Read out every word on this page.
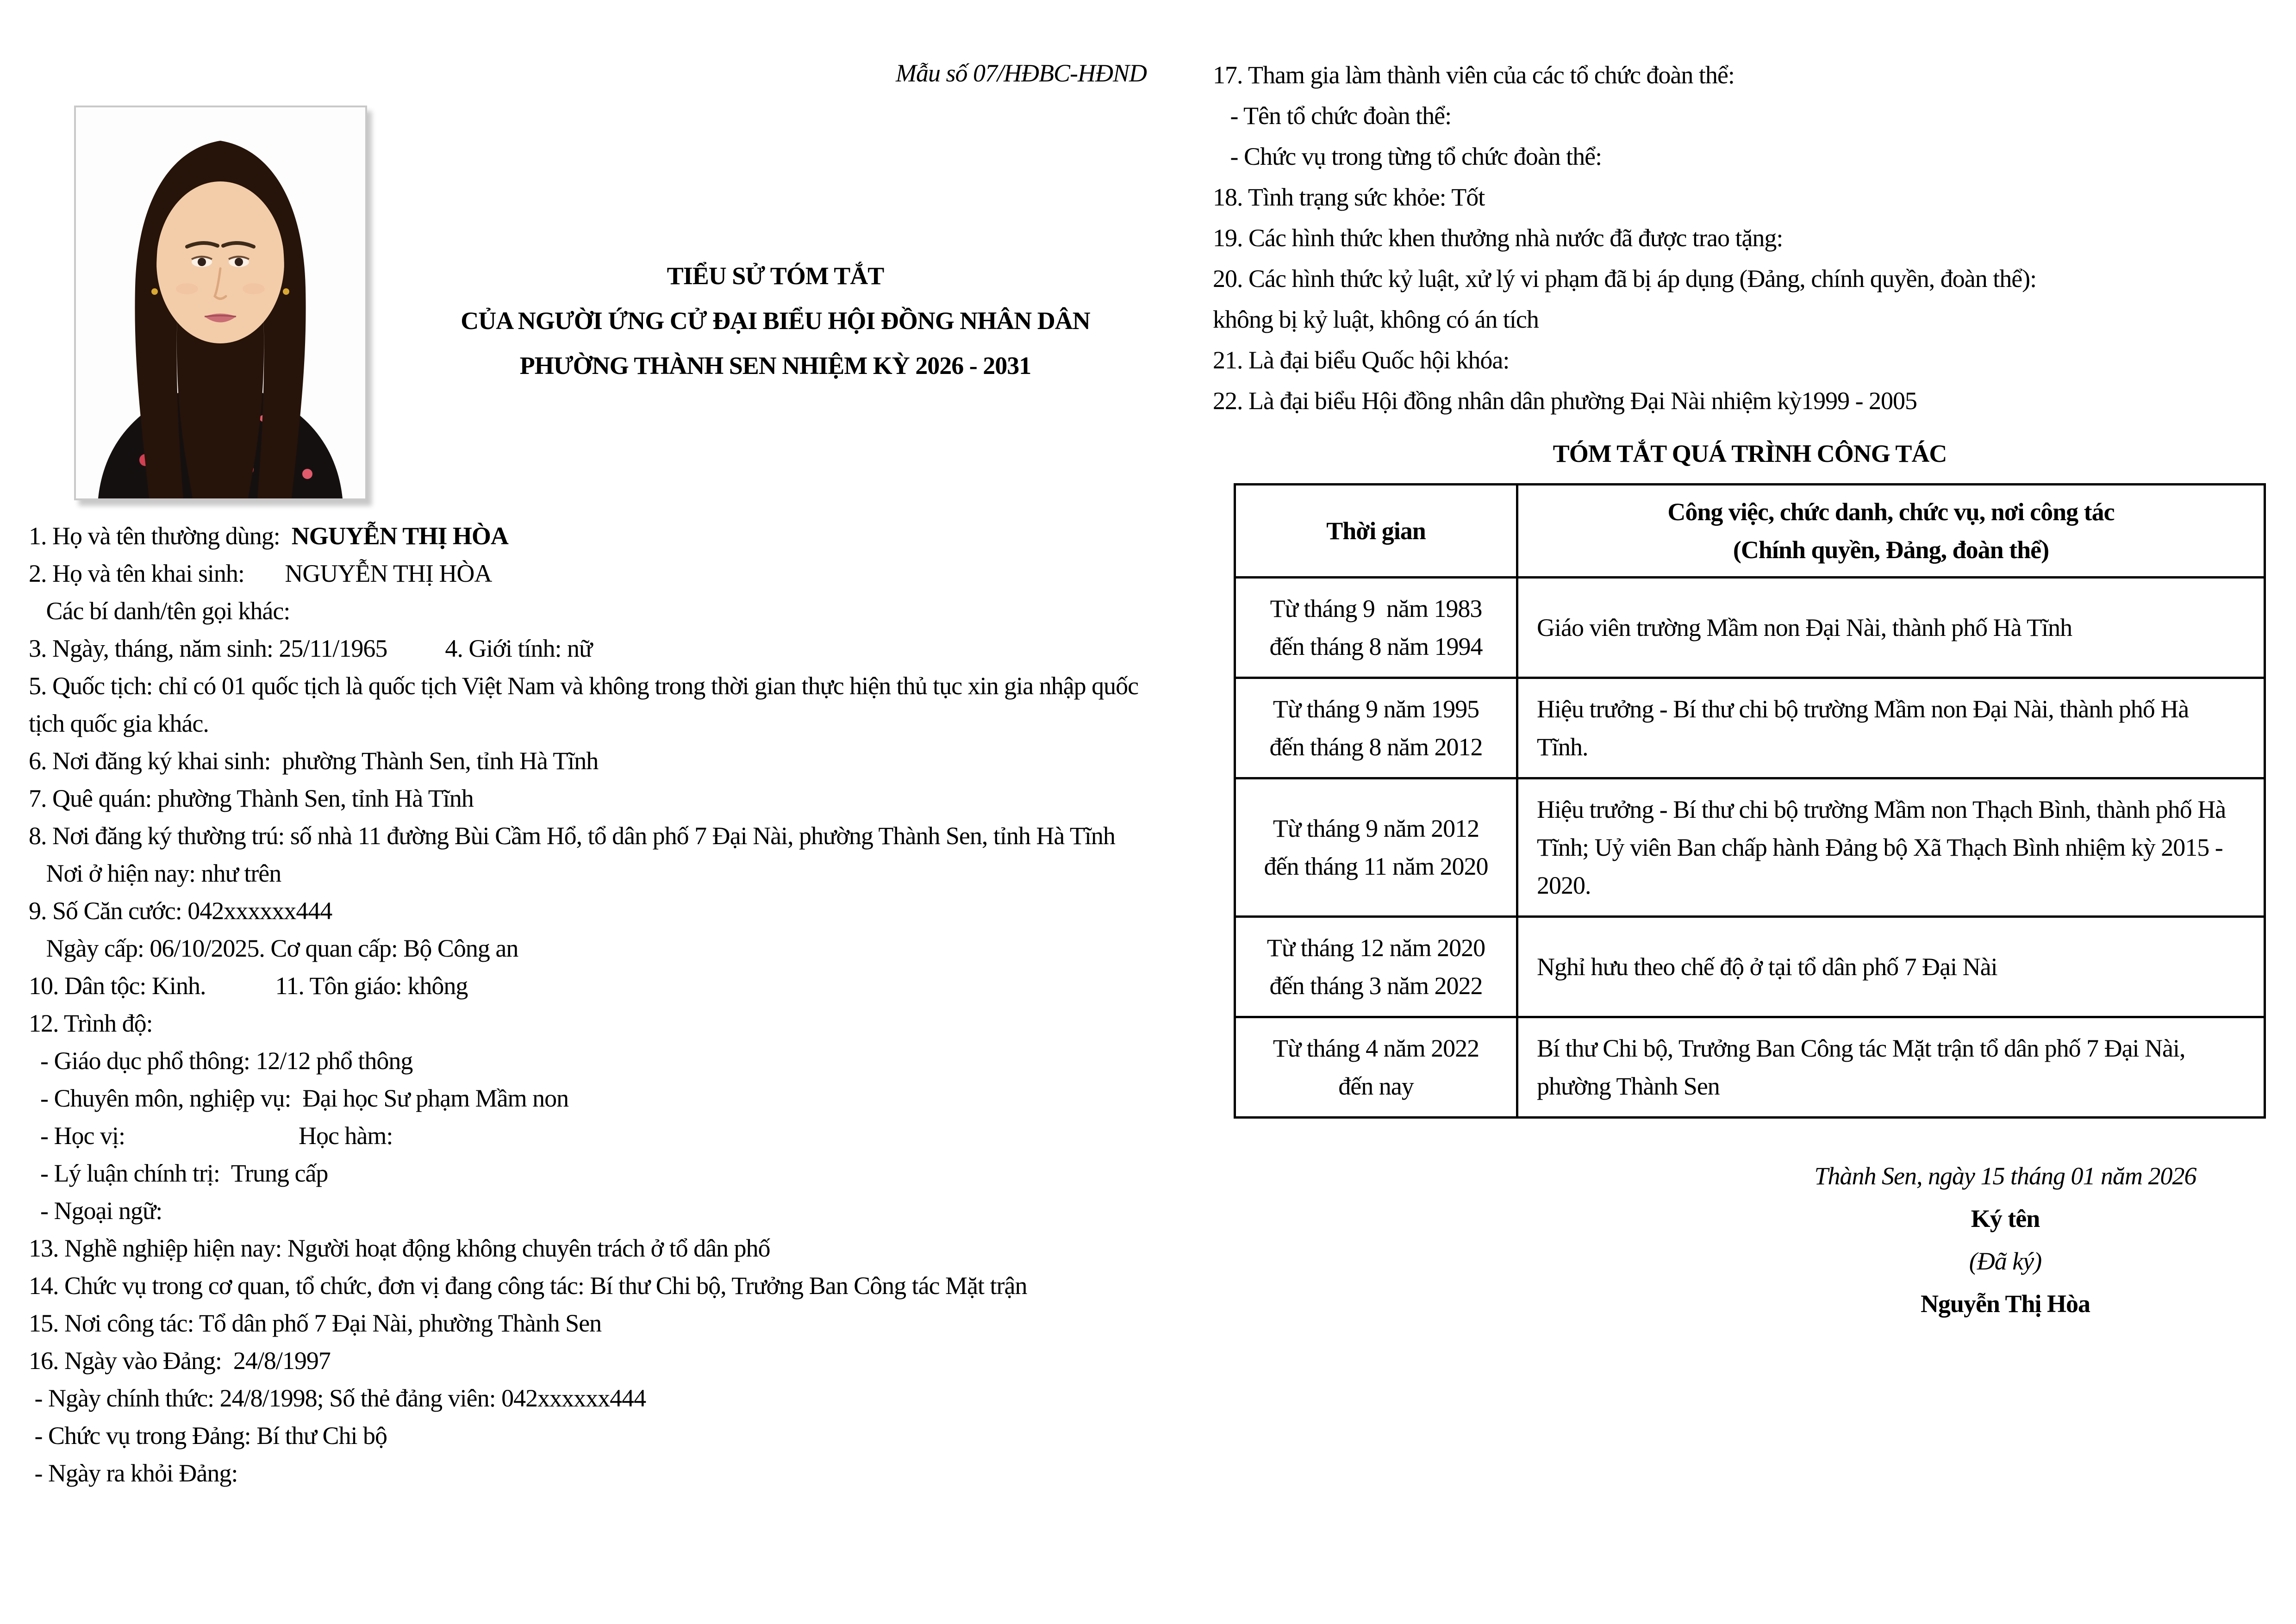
Mẫu số 07/HĐBC-HĐND
TIỂU SỬ TÓM TẮT
CỦA NGƯỜI ỨNG CỬ ĐẠI BIỂU HỘI ĐỒNG NHÂN DÂN
PHƯỜNG THÀNH SEN NHIỆM KỲ 2026 - 2031
1. Họ và tên thường dùng:  NGUYỄN THỊ HÒA
2. Họ và tên khai sinh:       NGUYỄN THỊ HÒA
Các bí danh/tên gọi khác:
3. Ngày, tháng, năm sinh: 25/11/1965          4. Giới tính: nữ
5. Quốc tịch: chỉ có 01 quốc tịch là quốc tịch Việt Nam và không trong thời gian thực hiện thủ tục xin gia nhập quốc tịch quốc gia khác.
6. Nơi đăng ký khai sinh:  phường Thành Sen, tỉnh Hà Tĩnh
7. Quê quán: phường Thành Sen, tỉnh Hà Tĩnh
8. Nơi đăng ký thường trú: số nhà 11 đường Bùi Cầm Hổ, tổ dân phố 7 Đại Nài, phường Thành Sen, tỉnh Hà Tĩnh
Nơi ở hiện nay: như trên
9. Số Căn cước: 042xxxxxx444
Ngày cấp: 06/10/2025. Cơ quan cấp: Bộ Công an
10. Dân tộc: Kinh.            11. Tôn giáo: không
12. Trình độ:
- Giáo dục phổ thông: 12/12 phổ thông
- Chuyên môn, nghiệp vụ:  Đại học Sư phạm Mầm non
- Học vị:                              Học hàm:
- Lý luận chính trị:  Trung cấp
- Ngoại ngữ:
13. Nghề nghiệp hiện nay: Người hoạt động không chuyên trách ở tổ dân phố
14. Chức vụ trong cơ quan, tổ chức, đơn vị đang công tác: Bí thư Chi bộ, Trưởng Ban Công tác Mặt trận
15. Nơi công tác: Tổ dân phố 7 Đại Nài, phường Thành Sen
16. Ngày vào Đảng:  24/8/1997
- Ngày chính thức: 24/8/1998; Số thẻ đảng viên: 042xxxxxx444
- Chức vụ trong Đảng: Bí thư Chi bộ
- Ngày ra khỏi Đảng:
17. Tham gia làm thành viên của các tổ chức đoàn thể:
- Tên tổ chức đoàn thể:
- Chức vụ trong từng tổ chức đoàn thể:
18. Tình trạng sức khỏe: Tốt
19. Các hình thức khen thưởng nhà nước đã được trao tặng:
20. Các hình thức kỷ luật, xử lý vi phạm đã bị áp dụng (Đảng, chính quyền, đoàn thể):
không bị kỷ luật, không có án tích
21. Là đại biểu Quốc hội khóa:
22. Là đại biểu Hội đồng nhân dân phường Đại Nài nhiệm kỳ1999 - 2005
TÓM TẮT QUÁ TRÌNH CÔNG TÁC
Thời gian	Công việc, chức danh, chức vụ, nơi công tác
(Chính quyền, Đảng, đoàn thể)

Từ tháng 9  năm 1983
đến tháng 8 năm 1994	Giáo viên trường Mầm non Đại Nài, thành phố Hà Tĩnh

Từ tháng 9 năm 1995
đến tháng 8 năm 2012	Hiệu trưởng - Bí thư chi bộ trường Mầm non Đại Nài, thành phố Hà Tĩnh.

Từ tháng 9 năm 2012
đến tháng 11 năm 2020	Hiệu trưởng - Bí thư chi bộ trường Mầm non Thạch Bình, thành phố Hà Tĩnh; Uỷ viên Ban chấp hành Đảng bộ Xã Thạch Bình nhiệm kỳ 2015 - 2020.

Từ tháng 12 năm 2020
đến tháng 3 năm 2022	Nghỉ hưu theo chế độ ở tại tổ dân phố 7 Đại Nài

Từ tháng 4 năm 2022
đến nay	Bí thư Chi bộ, Trưởng Ban Công tác Mặt trận tổ dân phố 7 Đại Nài, phường Thành Sen
Thành Sen, ngày 15 tháng 01 năm 2026
Ký tên
(Đã ký)
Nguyễn Thị Hòa
